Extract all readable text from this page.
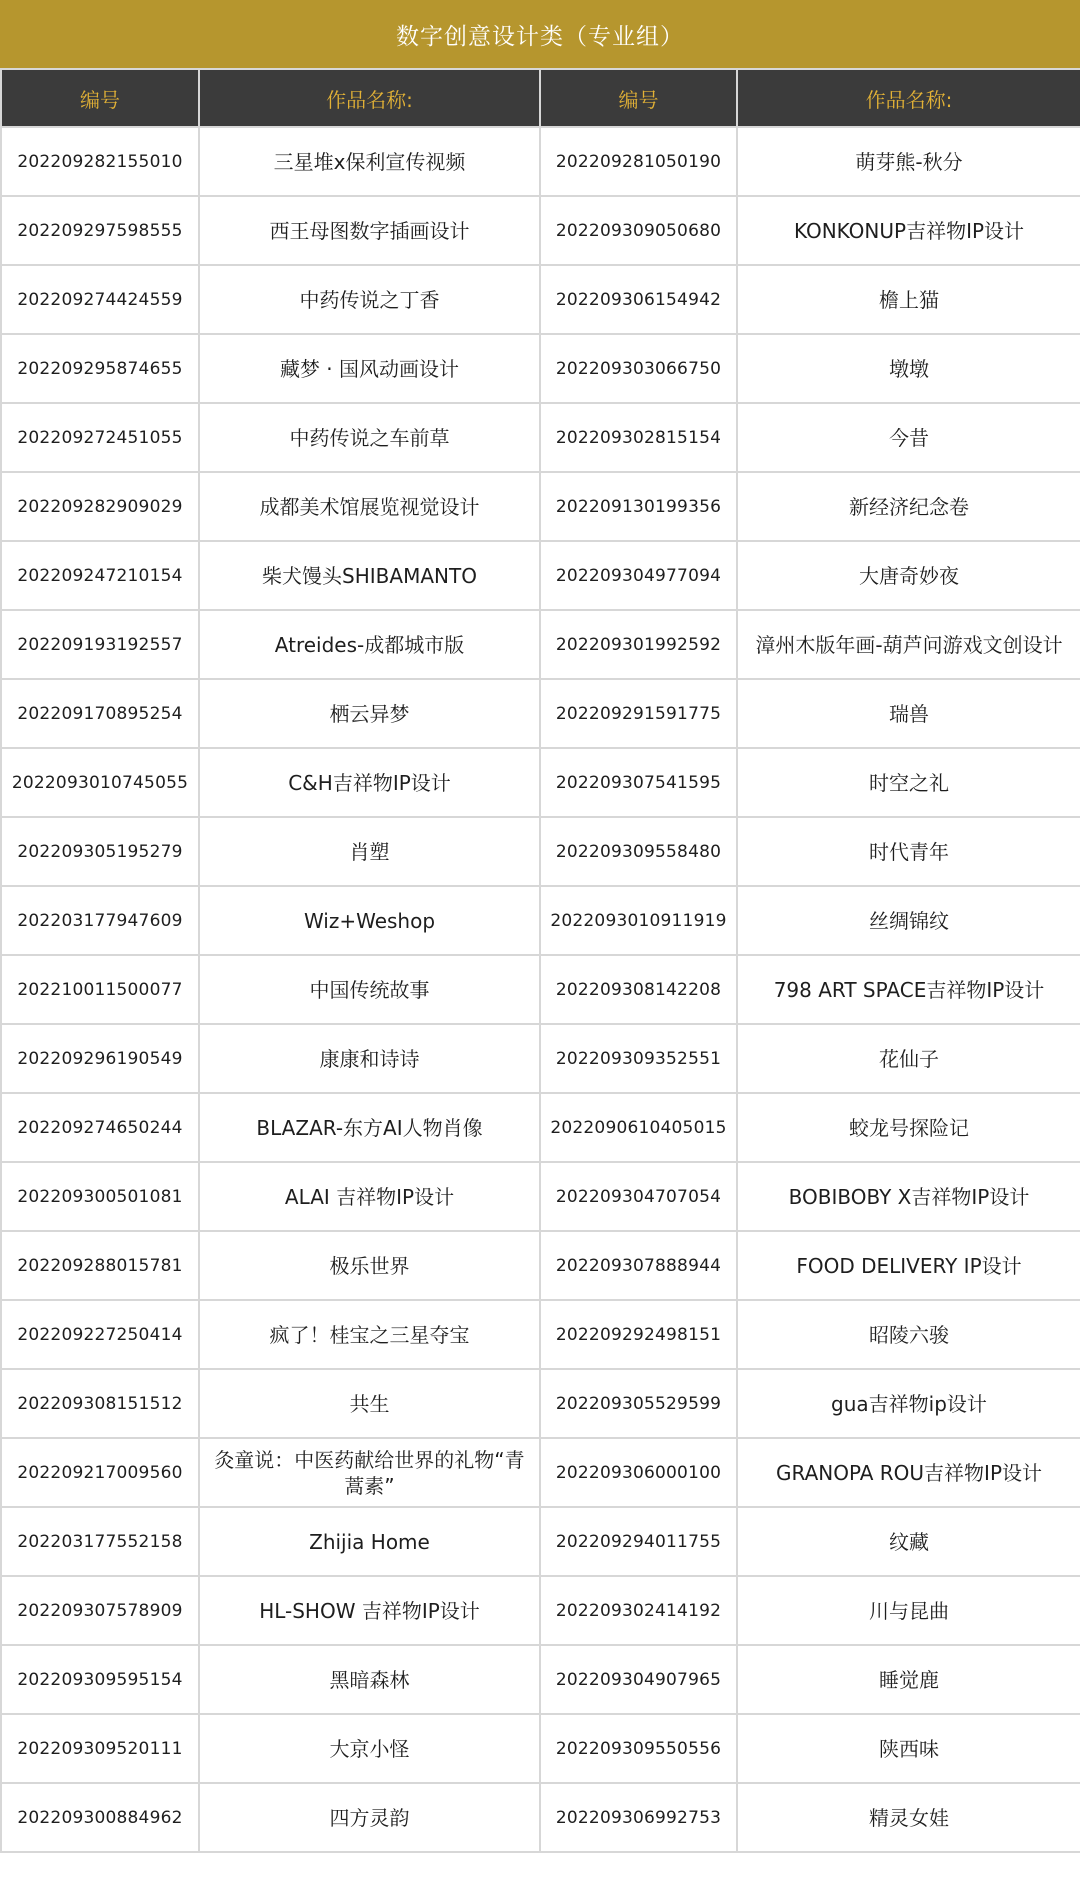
数字创意设计类（专业组）
编号	作品名称:	编号	作品名称:
202209282155010	三星堆x保利宣传视频	202209281050190	萌芽熊-秋分
202209297598555	西王母图数字插画设计	202209309050680	KONKONUP吉祥物IP设计
202209274424559	中药传说之丁香	202209306154942	檐上猫
202209295874655	藏梦 · 国风动画设计	202209303066750	墩墩
202209272451055	中药传说之车前草	202209302815154	今昔
202209282909029	成都美术馆展览视觉设计	202209130199356	新经济纪念卷
202209247210154	柴犬馒头SHIBAMANTO	202209304977094	大唐奇妙夜
202209193192557	Atreides-成都城市版	202209301992592	漳州木版年画-葫芦问游戏文创设计
202209170895254	栖云异梦	202209291591775	瑞兽
2022093010745055	C&H吉祥物IP设计	202209307541595	时空之礼
202209305195279	肖塑	202209309558480	时代青年
202203177947609	Wiz+Weshop	2022093010911919	丝绸锦纹
202210011500077	中国传统故事	202209308142208	798 ART SPACE吉祥物IP设计
202209296190549	康康和诗诗	202209309352551	花仙子
202209274650244	BLAZAR-东方AI人物肖像	2022090610405015	蛟龙号探险记
202209300501081	ALAI 吉祥物IP设计	202209304707054	BOBIBOBY X吉祥物IP设计
202209288015781	极乐世界	202209307888944	FOOD DELIVERY IP设计
202209227250414	疯了！桂宝之三星夺宝	202209292498151	昭陵六骏
202209308151512	共生	202209305529599	gua吉祥物ip设计
202209217009560	灸童说：中医药献给世界的礼物“青蒿素”	202209306000100	GRANOPA ROU吉祥物IP设计
202203177552158	Zhijia Home	202209294011755	纹藏
202209307578909	HL-SHOW 吉祥物IP设计	202209302414192	川与昆曲
202209309595154	黑暗森林	202209304907965	睡觉鹿
202209309520111	大京小怪	202209309550556	陕西味
202209300884962	四方灵韵	202209306992753	精灵女娃
